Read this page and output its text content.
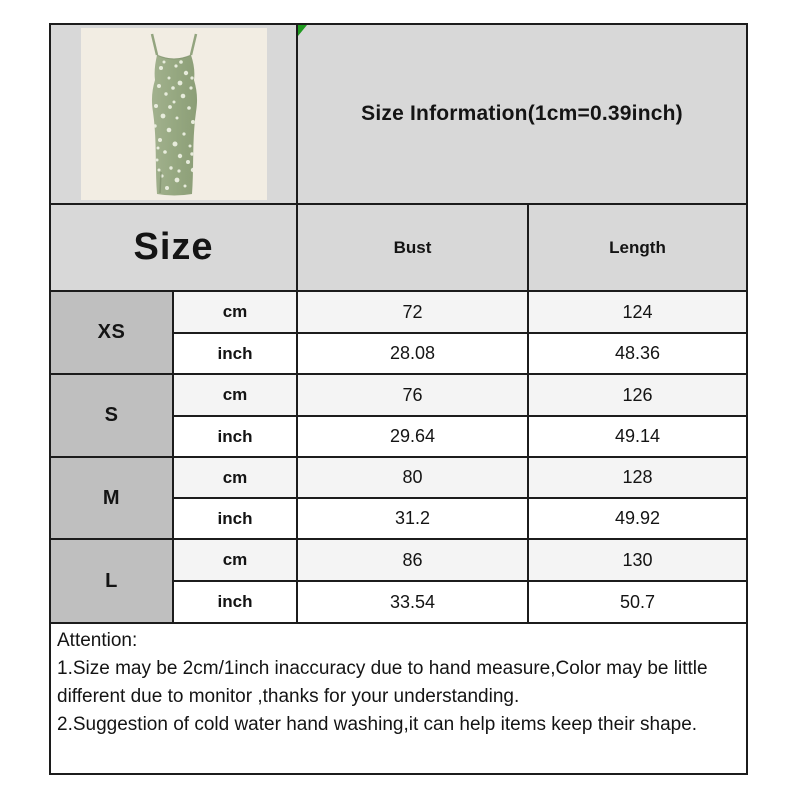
Size Information(1cm=0.39inch)
Size	Bust	Length
XS
cm	72	124
inch	28.08	48.36
S
cm	76	126
inch	29.64	49.14
M
cm	80	128
inch	31.2	49.92
L
cm	86	130
inch	33.54	50.7

Attention:

1.Size may be 2cm/1inch inaccuracy due to hand measure,Color may be little different due to monitor ,thanks for your understanding.

2.Suggestion of cold water hand washing,it can help items keep their shape.
